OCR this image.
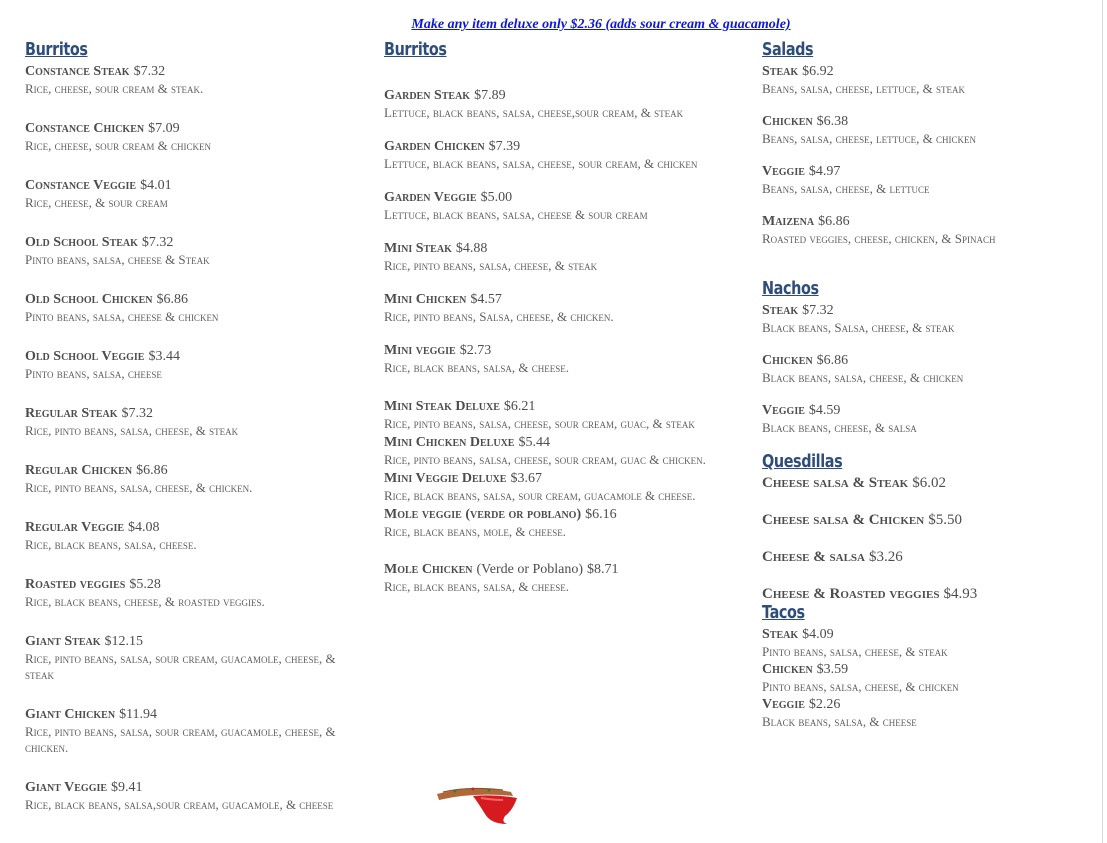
Make any item deluxe only $2.36 (adds sour cream & guacamole)
Burritos
Constance Steak $7.32
Rice, cheese, sour cream & steak.
Constance Chicken $7.09
Rice, cheese, sour cream & chicken
Constance Veggie $4.01
Rice, cheese, & sour cream
Old School Steak $7.32
Pinto beans, salsa, cheese & Steak
Old School Chicken $6.86
Pinto beans, salsa, cheese & chicken
Old School Veggie $3.44
Pinto beans, salsa, cheese
Regular Steak $7.32
Rice, pinto beans, salsa, cheese, & steak
Regular Chicken $6.86
Rice, pinto beans, salsa, cheese, & chicken.
Regular Veggie $4.08
Rice, black beans, salsa, cheese.
Roasted veggies $5.28
Rice, black beans, cheese, & roasted veggies.
Giant Steak $12.15
Rice, pinto beans, salsa, sour cream, guacamole, cheese, & steak
Giant Chicken $11.94
Rice, pinto beans, salsa, sour cream, guacamole, cheese, & chicken.
Giant Veggie $9.41
Rice, black beans, salsa,sour cream, guacamole, & cheese
Burritos
Garden Steak $7.89
Lettuce, black beans, salsa, cheese,sour cream, & steak
Garden Chicken $7.39
Lettuce, black beans, salsa, cheese, sour cream, & chicken
Garden Veggie $5.00
Lettuce, black beans, salsa, cheese & sour cream
Mini Steak $4.88
Rice, pinto beans, salsa, cheese, & steak
Mini Chicken $4.57
Rice, pinto beans, Salsa, cheese, & chicken.
Mini veggie $2.73
Rice, black beans, salsa, & cheese.
Mini Steak Deluxe $6.21
Rice, pinto beans, salsa, cheese, sour cream, guac, & steak
Mini Chicken Deluxe $5.44
Rice, pinto beans, salsa, cheese, sour cream, guac & chicken.
Mini Veggie Deluxe $3.67
Rice, black beans, salsa, sour cream, guacamole & cheese.
Mole veggie (verde or poblano) $6.16
Rice, black beans, mole, & cheese.
Mole Chicken (Verde or Poblano) $8.71
Rice, black beans, salsa, & cheese.
Salads
Steak $6.92
Beans, salsa, cheese, lettuce, & steak
Chicken $6.38
Beans, salsa, cheese, lettuce, & chicken
Veggie $4.97
Beans, salsa, cheese, & lettuce
Maizena $6.86
Roasted veggies, cheese, chicken, & Spinach
Nachos
Steak $7.32
Black beans, Salsa, cheese, & steak
Chicken $6.86
Black beans, salsa, cheese, & chicken
Veggie $4.59
Black beans, cheese, & salsa
Quesdillas
Cheese salsa & Steak $6.02
Cheese salsa & Chicken $5.50
Cheese & salsa $3.26
Cheese & Roasted veggies $4.93
Tacos
Steak $4.09
Pinto beans, salsa, cheese, & steak
Chicken $3.59
Pinto beans, salsa, cheese, & chicken
Veggie $2.26
Black beans, salsa, & cheese
